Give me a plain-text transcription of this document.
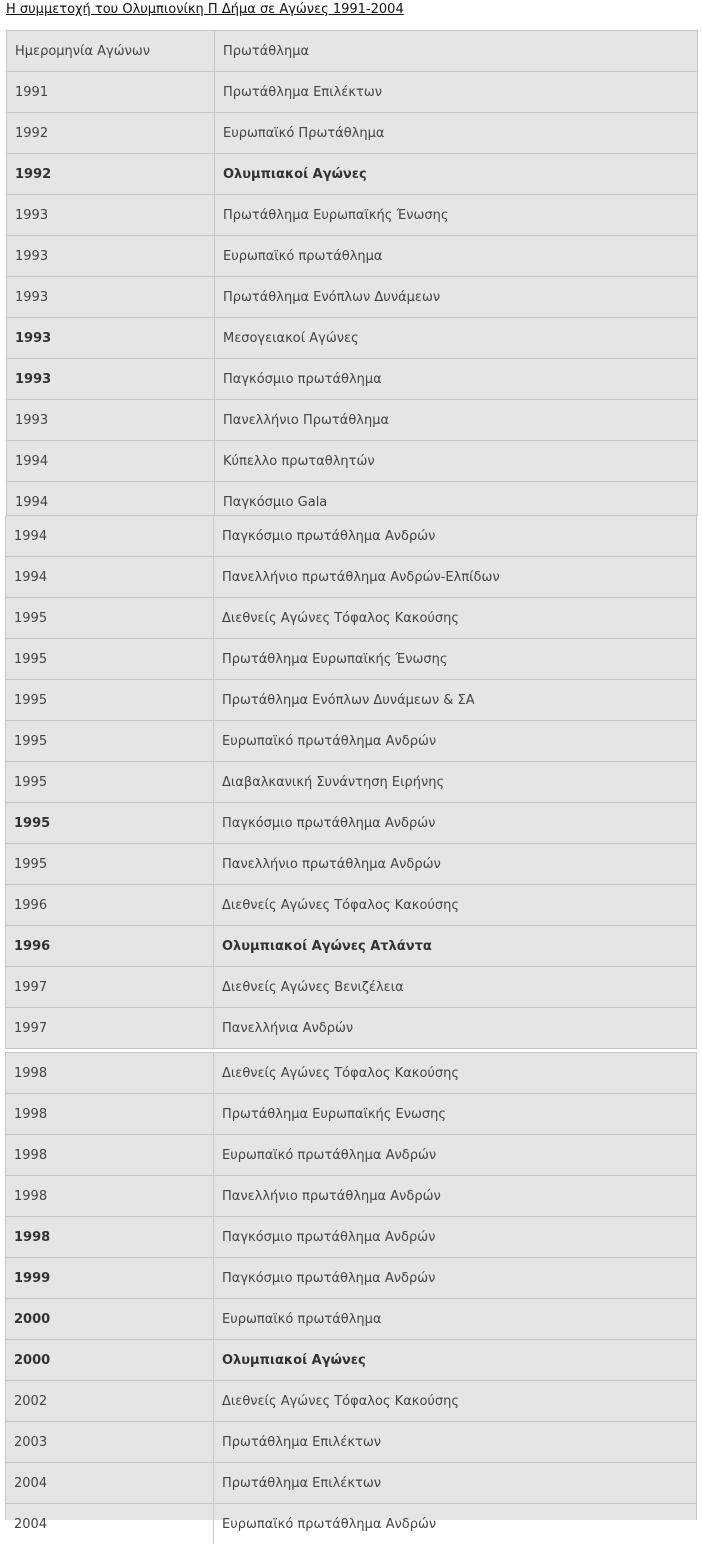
Η συμμετοχή του Ολυμπιονίκη Π Δήμα σε Αγώνες 1991-2004
Ημερομηνία Αγώνων	Πρωτάθλημα
1991	Πρωτάθλημα Επιλέκτων
1992	Ευρωπαϊκό Πρωτάθλημα
1992	Ολυμπιακοί Αγώνες
1993	Πρωτάθλημα Ευρωπαϊκής Ένωσης
1993	Ευρωπαϊκό πρωτάθλημα
1993	Πρωτάθλημα Ενόπλων Δυνάμεων
1993	Μεσογειακοί Αγώνες
1993	Παγκόσμιο πρωτάθλημα
1993	Πανελλήνιο Πρωτάθλημα
1994	Κύπελλο πρωταθλητών
1994	Παγκόσμιο Gala
1994	Παγκόσμιο πρωτάθλημα Ανδρών
1994	Πανελλήνιο πρωτάθλημα Ανδρών-Ελπίδων
1995	Διεθνείς Αγώνες Τόφαλος Κακούσης
1995	Πρωτάθλημα Ευρωπαϊκής Ένωσης
1995	Πρωτάθλημα Ενόπλων Δυνάμεων & ΣΑ
1995	Ευρωπαϊκό πρωτάθλημα Ανδρών
1995	Διαβαλκανική Συνάντηση Ειρήνης
1995	Παγκόσμιο πρωτάθλημα Ανδρών
1995	Πανελλήνιο πρωτάθλημα Ανδρών
1996	Διεθνείς Αγώνες Τόφαλος Κακούσης
1996	Ολυμπιακοί Αγώνες Ατλάντα
1997	Διεθνείς Αγώνες Βενιζέλεια
1997	Πανελλήνια Ανδρών
1998	Διεθνείς Αγώνες Τόφαλος Κακούσης
1998	Πρωτάθλημα Ευρωπαϊκής Ενωσης
1998	Ευρωπαϊκό πρωτάθλημα Ανδρών
1998	Πανελλήνιο πρωτάθλημα Ανδρών
1998	Παγκόσμιο πρωτάθλημα Ανδρών
1999	Παγκόσμιο πρωτάθλημα Ανδρών
2000	Ευρωπαϊκό πρωτάθλημα
2000	Ολυμπιακοί Αγώνες
2002	Διεθνείς Αγώνες Τόφαλος Κακούσης
2003	Πρωτάθλημα Επιλέκτων
2004	Πρωτάθλημα Επιλέκτων
2004	Ευρωπαϊκό πρωτάθλημα Ανδρών
